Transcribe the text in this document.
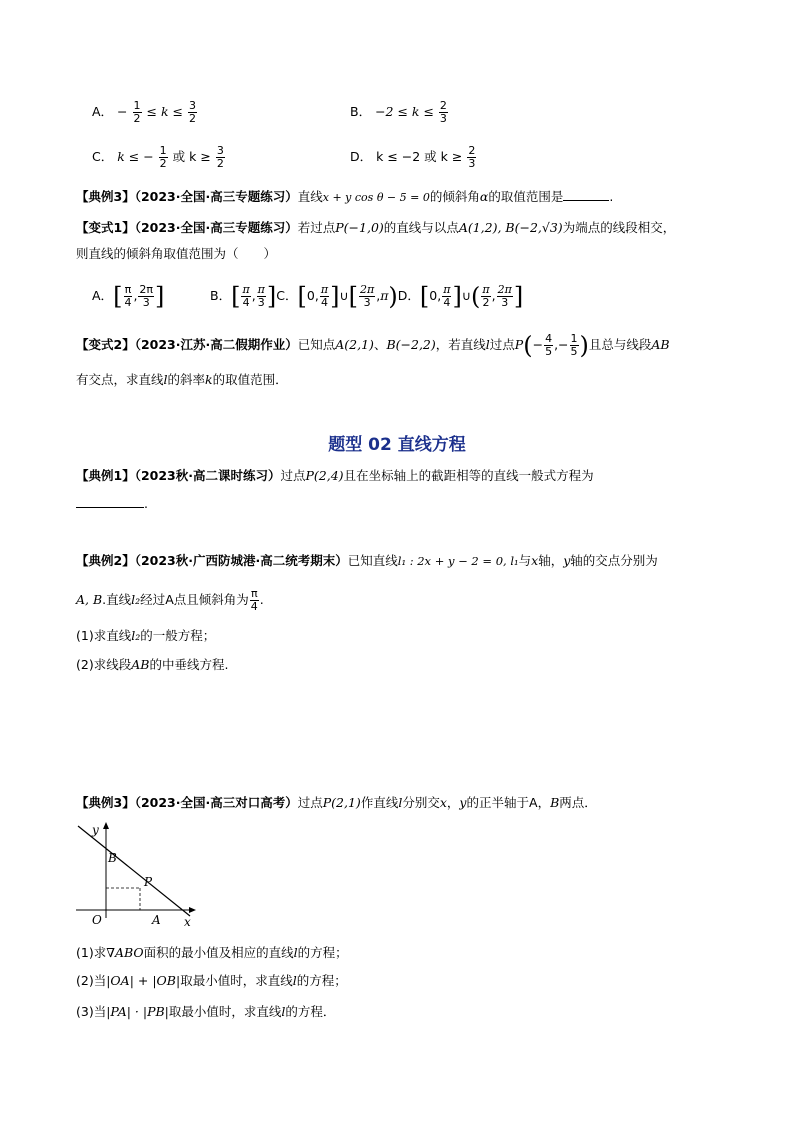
A． − $\frac{1}{2} \le k \le \frac{3}{2}$	B． $-2 \le k \le \frac{2}{3}$
C． k ≤ − $\frac{1}{2}$ 或 $k \ge \frac{3}{2}$	D． k ≤ −2 或 $k \ge \frac{2}{3}$
【典例3】（2023·全国·高三专题练习）直线x + y cos θ − 5 = 0的倾斜角α的取值范围是	.
【变式1】（2023·全国·高三专题练习）若过点P(−1,0)的直线与以点A(1,2), B(−2,√3)为端点的线段相交，
则直线的倾斜角取值范围为（　　）
A．[ $\frac{\pi}{4}$ , $\frac{2\pi}{3}$ ]	B．[ $\frac{\pi}{4}$ , $\frac{\pi}{3} ]C$．[0, $\frac{\pi}{4}$ ]∪[ $\frac{2\pi}{3} ,\pi)D$．[0, $\frac{\pi}{4}$ ]∪( $\frac{\pi}{2}$ , $\frac{2\pi}{3}$ ]
【变式2】（2023·江苏·高二假期作业）已知点A(2,1)、B(−2,2)，若直线l过点$P(- \frac{4}{5}$ ,− $\frac{1}{5}$ )且总与线段AB
有交点，求直线l的斜率k的取值范围．
题型 02 直线方程
【典例1】（2023秋·高二课时练习）过点P(2,4)且在坐标轴上的截距相等的直线一般式方程为
.
【典例2】（2023秋·广西防城港·高二统考期末）已知直线l₁ : 2x + y − 2 = 0, l₁与x轴，y轴的交点分别为
A, B.直线l₂经过A点且倾斜角为 $\frac{\pi}{4}$ .
(1)求直线l₂的一般方程；
(2)求线段AB的中垂线方程.
【典例3】（2023·全国·高三对口高考）过点P(2,1)作直线l分别交x，y的正半轴于A，B两点．
y
x
O	A
B
P
(1)求∇ABO面积的最小值及相应的直线l的方程；
(2)当|OA| + |OB|取最小值时，求直线l的方程；
(3)当|PA| · |PB|取最小值时，求直线l的方程．
